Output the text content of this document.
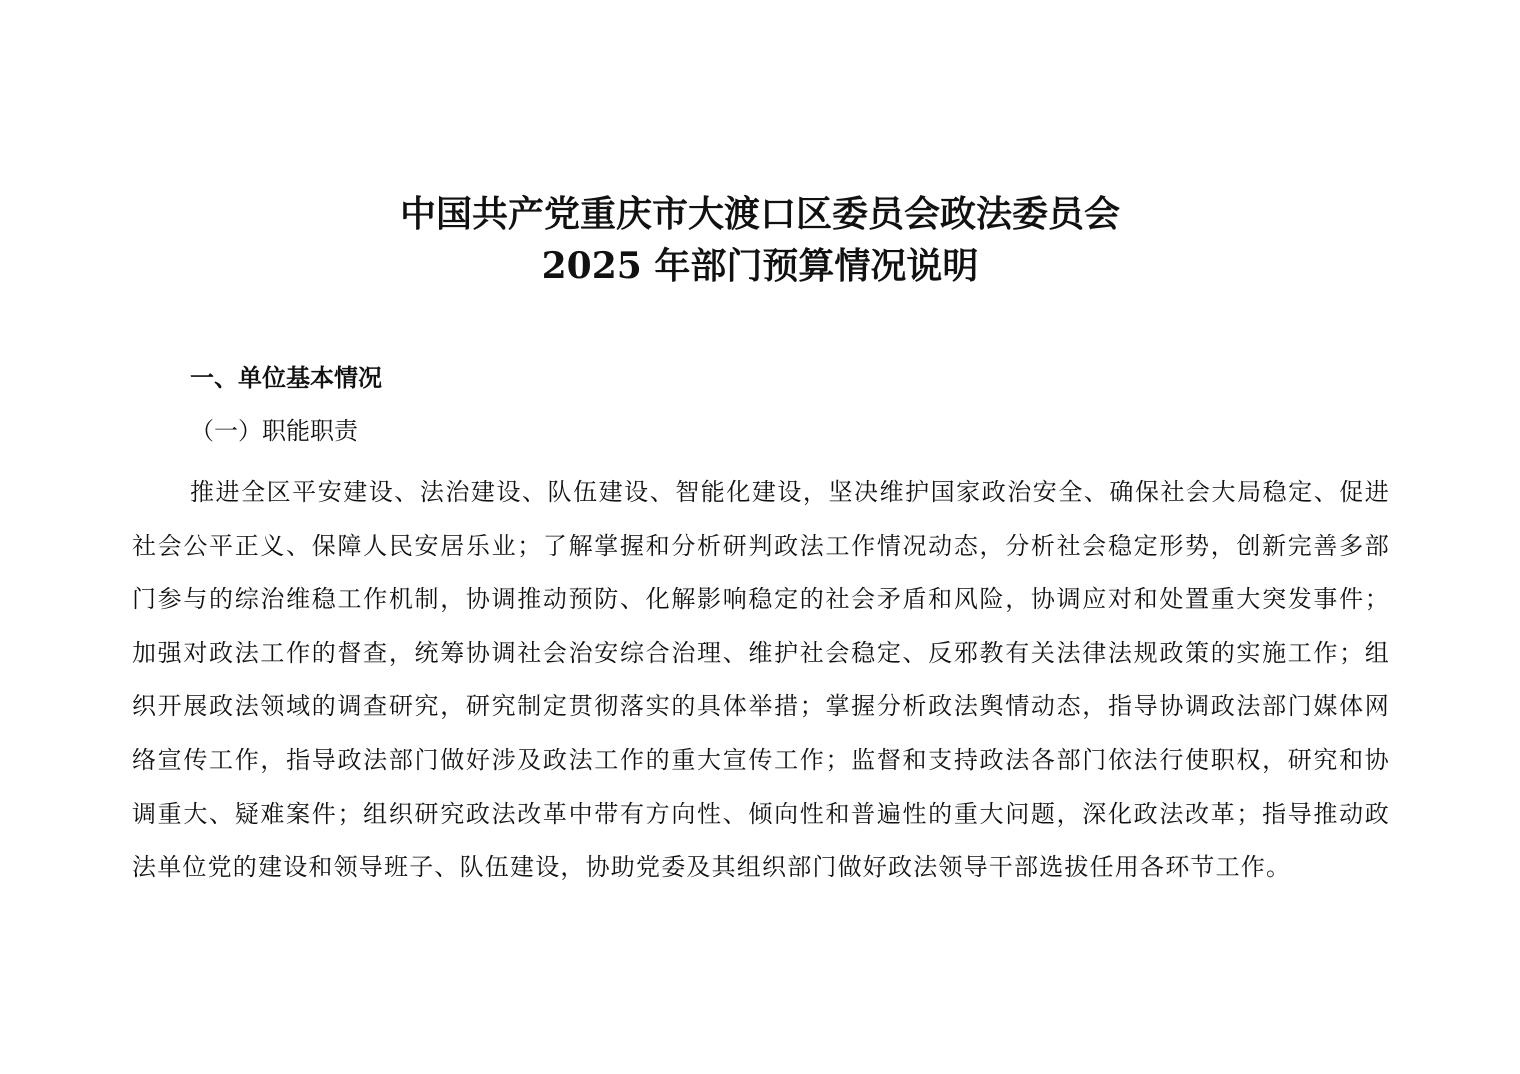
中国共产党重庆市大渡口区委员会政法委员会
2025 年部门预算情况说明
一、单位基本情况
（一）职能职责

推进全区平安建设、法治建设、队伍建设、智能化建设，坚决维护国家政治安全、确保社会大局稳定、促进社会公平正义、保障人民安居乐业；了解掌握和分析研判政法工作情况动态，分析社会稳定形势，创新完善多部门参与的综治维稳工作机制，协调推动预防、化解影响稳定的社会矛盾和风险，协调应对和处置重大突发事件；加强对政法工作的督查，统筹协调社会治安综合治理、维护社会稳定、反邪教有关法律法规政策的实施工作；组织开展政法领域的调查研究，研究制定贯彻落实的具体举措；掌握分析政法舆情动态，指导协调政法部门媒体网络宣传工作，指导政法部门做好涉及政法工作的重大宣传工作；监督和支持政法各部门依法行使职权，研究和协调重大、疑难案件；组织研究政法改革中带有方向性、倾向性和普遍性的重大问题，深化政法改革；指导推动政法单位党的建设和领导班子、队伍建设，协助党委及其组织部门做好政法领导干部选拔任用各环节工作。
